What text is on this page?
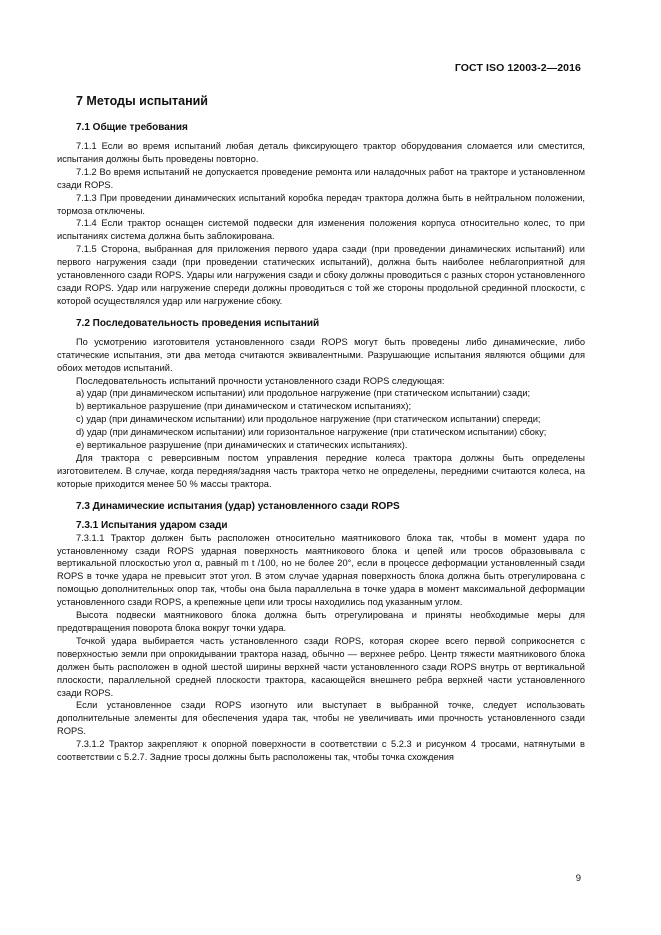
ГОСТ ISO 12003-2—2016
7 Методы испытаний
7.1 Общие требования

7.1.1 Если во время испытаний любая деталь фиксирующего трактор оборудования сломается или сместится, испытания должны быть проведены повторно.

7.1.2 Во время испытаний не допускается проведение ремонта или наладочных работ на тракторе и установленном сзади ROPS.

7.1.3 При проведении динамических испытаний коробка передач трактора должна быть в нейтральном положении, тормоза отключены.

7.1.4 Если трактор оснащен системой подвески для изменения положения корпуса относительно колес, то при испытаниях система должна быть заблокирована.

7.1.5 Сторона, выбранная для приложения первого удара сзади (при проведении динамических испытаний) или первого нагружения сзади (при проведении статических испытаний), должна быть наиболее неблагоприятной для установленного сзади ROPS. Удары или нагружения сзади и сбоку должны проводиться с разных сторон установленного сзади ROPS. Удар или нагружение спереди должны проводиться с той же стороны продольной срединной плоскости, с которой осуществлялся удар или нагружение сбоку.

7.2 Последовательность проведения испытаний

По усмотрению изготовителя установленного сзади ROPS могут быть проведены либо динамические, либо статические испытания, эти два метода считаются эквивалентными. Разрушающие испытания являются общими для обоих методов испытаний.

Последовательность испытаний прочности установленного сзади ROPS следующая:

a) удар (при динамическом испытании) или продольное нагружение (при статическом испытании) сзади;

b) вертикальное разрушение (при динамическом и статическом испытаниях);

c) удар (при динамическом испытании) или продольное нагружение (при статическом испытании) спереди;

d) удар (при динамическом испытании) или горизонтальное нагружение (при статическом испытании) сбоку;

e) вертикальное разрушение (при динамических и статических испытаниях).

Для трактора с реверсивным постом управления передние колеса трактора должны быть определены изготовителем. В случае, когда передняя/задняя часть трактора четко не определены, передними считаются колеса, на которые приходится менее 50 % массы трактора.

7.3 Динамические испытания (удар) установленного сзади ROPS
7.3.1 Испытания ударом сзади

7.3.1.1 Трактор должен быть расположен относительно маятникового блока так, чтобы в момент удара по установленному сзади ROPS ударная поверхность маятникового блока и цепей или тросов образовывала с вертикальной плоскостью угол α, равный m t /100, но не более 20°, если в процессе деформации установленный сзади ROPS в точке удара не превысит этот угол. В этом случае ударная поверхность блока должна быть отрегулирована с помощью дополнительных опор так, чтобы она была параллельна в точке удара в момент максимальной деформации установленного сзади ROPS, а крепежные цепи или тросы находились под указанным углом.

Высота подвески маятникового блока должна быть отрегулирована и приняты необходимые меры для предотвращения поворота блока вокруг точки удара.

Точкой удара выбирается часть установленного сзади ROPS, которая скорее всего первой соприкоснется с поверхностью земли при опрокидывании трактора назад, обычно — верхнее ребро. Центр тяжести маятникового блока должен быть расположен в одной шестой ширины верхней части установленного сзади ROPS внутрь от вертикальной плоскости, параллельной средней плоскости трактора, касающейся внешнего ребра верхней части установленного сзади ROPS.

Если установленное сзади ROPS изогнуто или выступает в выбранной точке, следует использовать дополнительные элементы для обеспечения удара так, чтобы не увеличивать ими прочность установленного сзади ROPS.

7.3.1.2 Трактор закрепляют к опорной поверхности в соответствии с 5.2.3 и рисунком 4 тросами, натянутыми в соответствии с 5.2.7. Задние тросы должны быть расположены так, чтобы точка схождения

9
